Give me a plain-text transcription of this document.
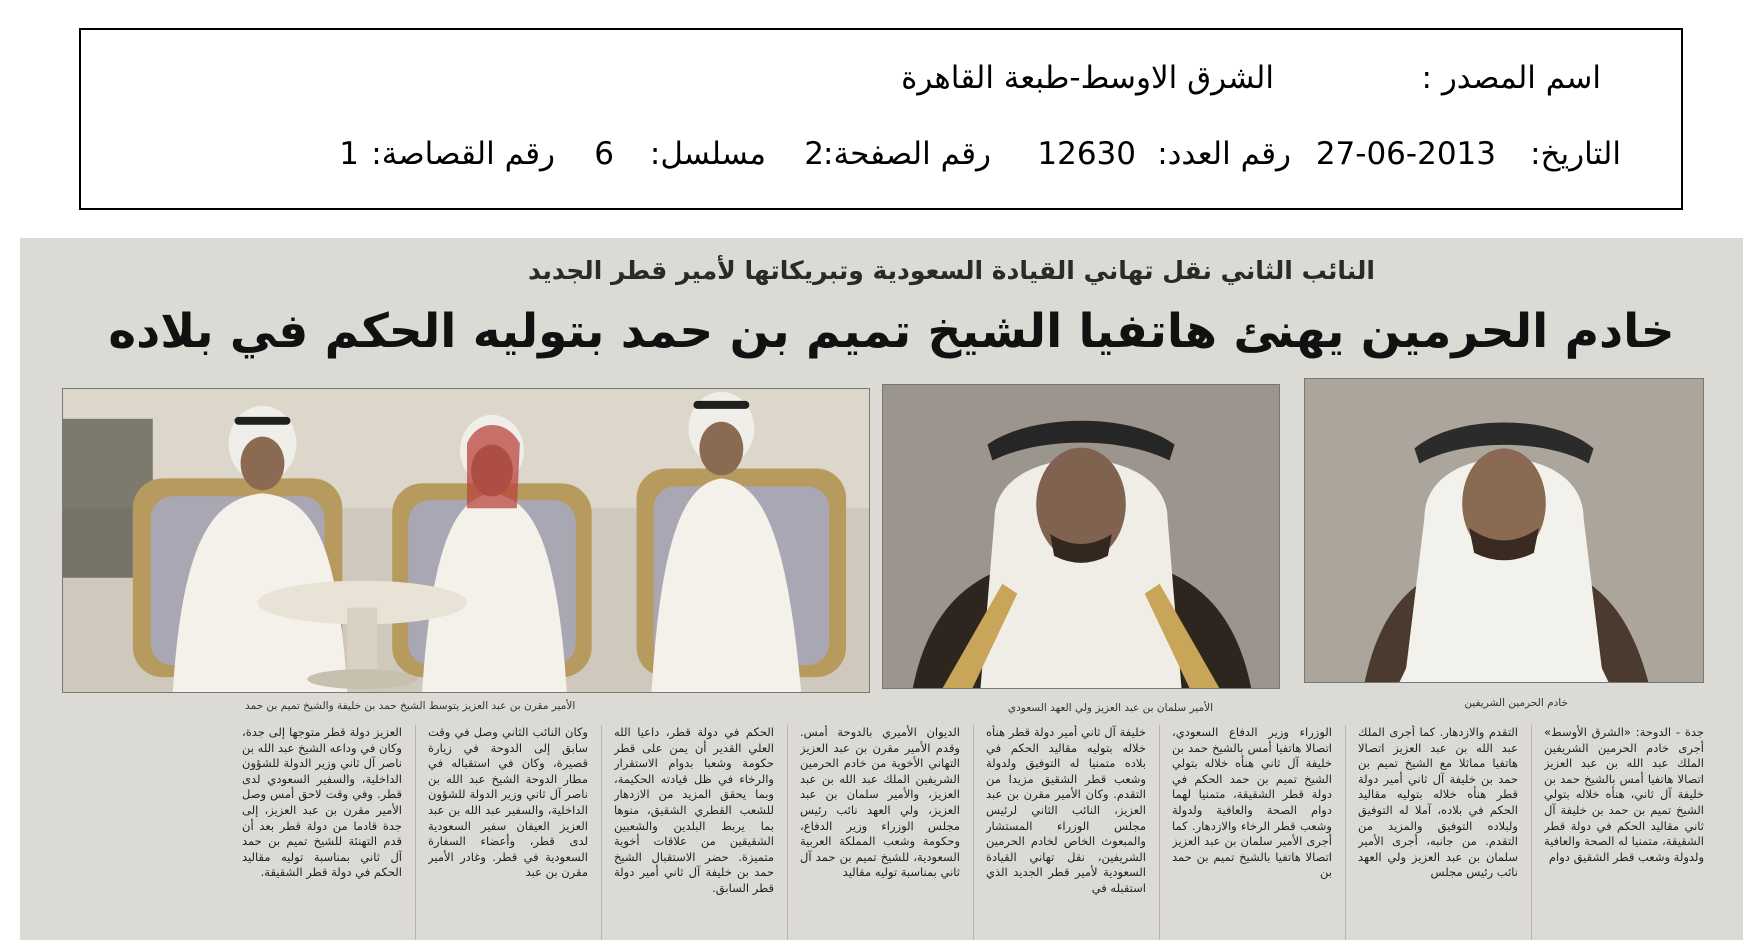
اسم المصدر :
الشرق الاوسط-طبعة القاهرة
التاريخ:
27-06-2013
رقم العدد:
12630
رقم الصفحة:
2
مسلسل:
6
رقم القصاصة:
1
النائب الثاني نقل تهاني القيادة السعودية وتبريكاتها لأمير قطر الجديد
خادم الحرمين يهنئ هاتفيا الشيخ تميم بن حمد بتوليه الحكم في بلاده
خادم الحرمين الشريفين
الأمير سلمان بن عبد العزيز ولي العهد السعودي
الأمير مقرن بن عبد العزيز يتوسط الشيخ حمد بن خليفة والشيخ تميم بن حمد
جدة - الدوحة: «الشرق الأوسط» أجرى خادم الحرمين الشريفين الملك عبد الله بن عبد العزيز اتصالا هاتفيا أمس بالشيخ حمد بن خليفة آل ثاني، هنأه خلاله بتولي الشيخ تميم بن حمد بن خليفة آل ثاني مقاليد الحكم في دولة قطر الشقيقة، متمنيا له الصحة والعافية ولدولة وشعب قطر الشقيق دوام
التقدم والازدهار. كما أجرى الملك عبد الله بن عبد العزيز اتصالا هاتفيا مماثلا مع الشيخ تميم بن حمد بن خليفة آل ثاني أمير دولة قطر هنأه خلاله بتوليه مقاليد الحكم في بلاده، آملا له التوفيق ولبلاده التوفيق والمزيد من التقدم. من جانبه، أجرى الأمير سلمان بن عبد العزيز ولي العهد نائب رئيس مجلس
الوزراء وزير الدفاع السعودي، اتصالا هاتفيا أمس بالشيخ حمد بن خليفة آل ثاني هنأه خلاله بتولي الشيخ تميم بن حمد الحكم في دولة قطر الشقيقة، متمنيا لهما دوام الصحة والعافية ولدولة وشعب قطر الرخاء والازدهار. كما أجرى الأمير سلمان بن عبد العزيز اتصالا هاتفيا بالشيخ تميم بن حمد بن
خليفة آل ثاني أمير دولة قطر هنأه خلاله بتوليه مقاليد الحكم في بلاده متمنيا له التوفيق ولدولة وشعب قطر الشقيق مزيدا من التقدم. وكان الأمير مقرن بن عبد العزيز، النائب الثاني لرئيس مجلس الوزراء المستشار والمبعوث الخاص لخادم الحرمين الشريفين، نقل تهاني القيادة السعودية لأمير قطر الجديد الذي استقبله في
الديوان الأميري بالدوحة أمس. وقدم الأمير مقرن بن عبد العزيز التهاني الأخوية من خادم الحرمين الشريفين الملك عبد الله بن عبد العزيز، والأمير سلمان بن عبد العزيز، ولي العهد نائب رئيس مجلس الوزراء وزير الدفاع، وحكومة وشعب المملكة العربية السعودية، للشيخ تميم بن حمد آل ثاني بمناسبة توليه مقاليد
الحكم في دولة قطر، داعيا الله العلي القدير أن يمن على قطر حكومة وشعبا بدوام الاستقرار والرخاء في ظل قيادته الحكيمة، وبما يحقق المزيد من الازدهار للشعب القطري الشقيق، منوها بما يربط البلدين والشعبين الشقيقين من علاقات أخوية متميزة. حضر الاستقبال الشيخ حمد بن خليفة آل ثاني أمير دولة قطر السابق.
وكان النائب الثاني وصل في وقت سابق إلى الدوحة في زيارة قصيرة، وكان في استقباله في مطار الدوحة الشيخ عبد الله بن ناصر آل ثاني وزير الدولة للشؤون الداخلية، والسفير عبد الله بن عبد العزيز العيفان سفير السعودية لدى قطر، وأعضاء السفارة السعودية في قطر. وغادر الأمير مقرن بن عبد
العزيز دولة قطر متوجها إلى جدة، وكان في وداعه الشيخ عبد الله بن ناصر آل ثاني وزير الدولة للشؤون الداخلية، والسفير السعودي لدى قطر. وفي وقت لاحق أمس وصل الأمير مقرن بن عبد العزيز، إلى جدة قادما من دولة قطر بعد أن قدم التهنئة للشيخ تميم بن حمد آل ثاني بمناسبة توليه مقاليد الحكم في دولة قطر الشقيقة.
